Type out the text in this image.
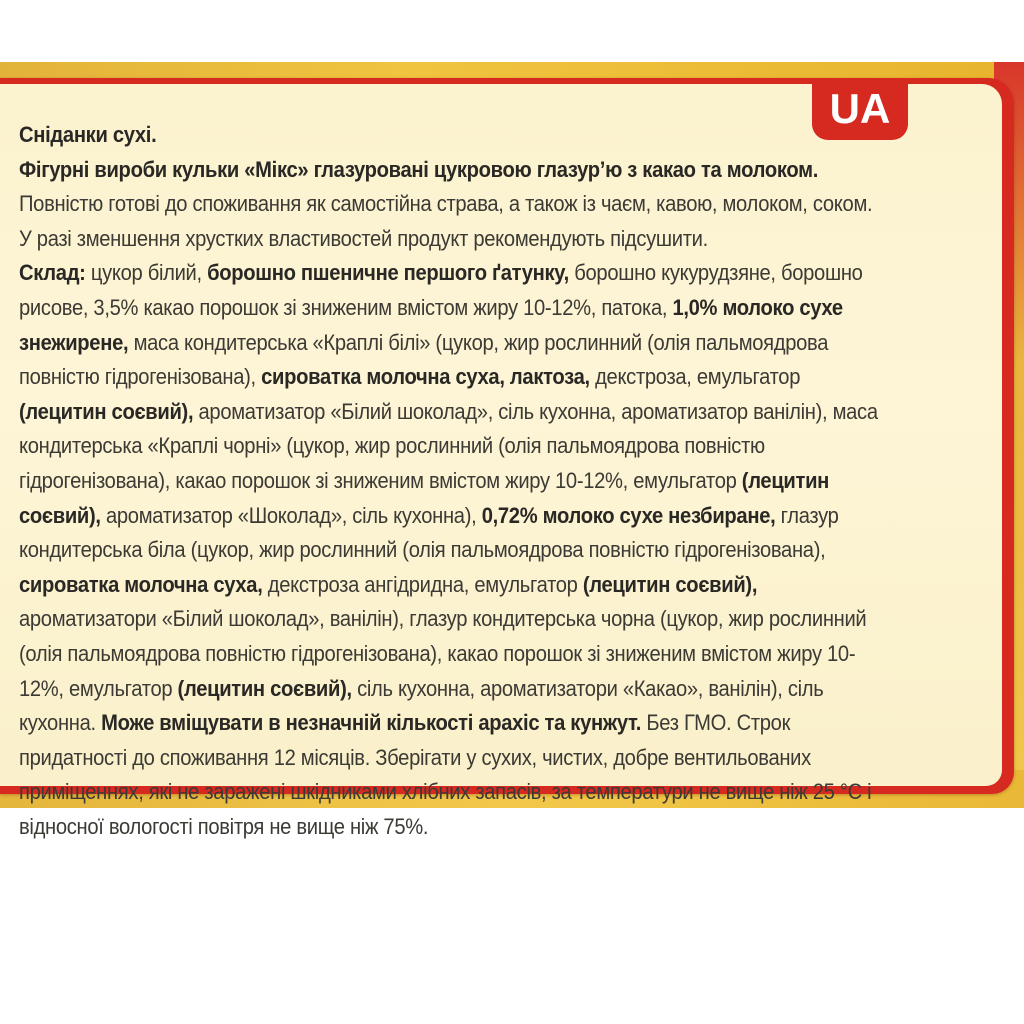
UA

Сніданки сухі.

Фігурні вироби кульки «Мікс» глазуровані цукровою глазур’ю з какао та молоком.

Повністю готові до споживання як самостійна страва, а також із чаєм, кавою, молоком, соком. У разі зменшення хрустких властивостей продукт рекомендують підсушити.

Склад: цукор білий, борошно пшеничне першого ґатунку, борошно кукурудзяне, борошно рисове, 3,5% какао порошок зі зниженим вмістом жиру 10-12%, патока, 1,0% молоко сухе знежирене, маса кондитерська «Краплі білі» (цукор, жир рослинний (олія пальмоядрова повністю гідрогенізована), сироватка молочна суха, лактоза, декстроза, емульгатор (лецитин соєвий), ароматизатор «Білий шоколад», сіль кухонна, ароматизатор ванілін), маса кондитерська «Краплі чорні» (цукор, жир рослинний (олія пальмоядрова повністю гідрогенізована), какао порошок зі зниженим вмістом жиру 10-12%, емульгатор (лецитин соєвий), ароматизатор «Шоколад», сіль кухонна), 0,72% молоко сухе незбиране, глазур кондитерська біла (цукор, жир рослинний (олія пальмоядрова повністю гідрогенізована), сироватка молочна суха, декстроза ангідридна, емульгатор (лецитин соєвий), ароматизатори «Білий шоколад», ванілін), глазур кондитерська чорна (цукор, жир рослинний (олія пальмоядрова повністю гідрогенізована), какао порошок зі зниженим вмістом жиру 10-12%, емульгатор (лецитин соєвий), сіль кухонна, ароматизатори «Какао», ванілін), сіль кухонна. Може вміщувати в незначній кількості арахіс та кунжут. Без ГМО. Строк придатності до споживання 12 місяців. Зберігати у сухих, чистих, добре вентильованих приміщеннях, які не заражені шкідниками хлібних запасів, за температури не вище ніж 25 °С і відносної вологості повітря не вище ніж 75%.
